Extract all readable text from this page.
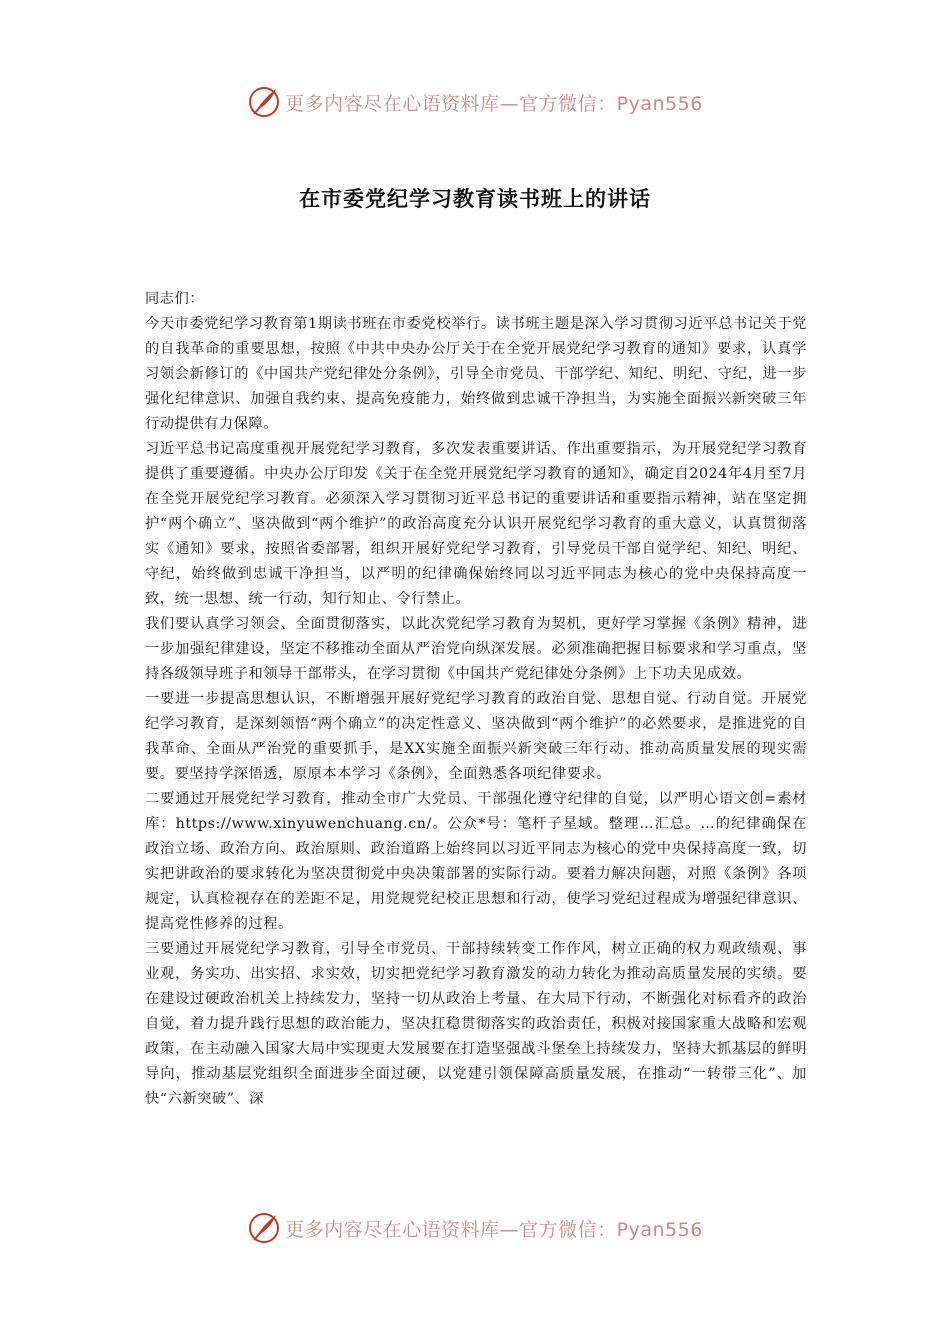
更多内容尽在心语资料库—官方微信：Pyan556
在市委党纪学习教育读书班上的讲话

同志们：

今天市委党纪学习教育第1期读书班在市委党校举行。读书班主题是深入学习贯彻习近平总书记关于党的自我革命的重要思想，按照《中共中央办公厅关于在全党开展党纪学习教育的通知》要求，认真学习领会新修订的《中国共产党纪律处分条例》，引导全市党员、干部学纪、知纪、明纪、守纪，进一步强化纪律意识、加强自我约束、提高免疫能力，始终做到忠诚干净担当，为实施全面振兴新突破三年行动提供有力保障。

习近平总书记高度重视开展党纪学习教育，多次发表重要讲话、作出重要指示，为开展党纪学习教育提供了重要遵循。中央办公厅印发《关于在全党开展党纪学习教育的通知》，确定自2024年4月至7月在全党开展党纪学习教育。必须深入学习贯彻习近平总书记的重要讲话和重要指示精神，站在坚定拥护“两个确立”、坚决做到“两个维护”的政治高度充分认识开展党纪学习教育的重大意义，认真贯彻落实《通知》要求，按照省委部署，组织开展好党纪学习教育，引导党员干部自觉学纪、知纪、明纪、守纪，始终做到忠诚干净担当，以严明的纪律确保始终同以习近平同志为核心的党中央保持高度一致，统一思想、统一行动，知行知止、令行禁止。

我们要认真学习领会、全面贯彻落实，以此次党纪学习教育为契机，更好学习掌握《条例》精神，进一步加强纪律建设，坚定不移推动全面从严治党向纵深发展。必须准确把握目标要求和学习重点，坚持各级领导班子和领导干部带头，在学习贯彻《中国共产党纪律处分条例》上下功夫见成效。

一要进一步提高思想认识，不断增强开展好党纪学习教育的政治自觉、思想自觉、行动自觉。开展党纪学习教育，是深刻领悟“两个确立”的决定性意义、坚决做到“两个维护”的必然要求，是推进党的自我革命、全面从严治党的重要抓手，是XX实施全面振兴新突破三年行动、推动高质量发展的现实需要。要坚持学深悟透，原原本本学习《条例》，全面熟悉各项纪律要求。

二要通过开展党纪学习教育，推动全市广大党员、干部强化遵守纪律的自觉，以严明心语文创=素材库：https://www.xinyuwenchuang.cn/。公众*号：笔杆子星域。整理…汇总。…的纪律确保在政治立场、政治方向、政治原则、政治道路上始终同以习近平同志为核心的党中央保持高度一致，切实把讲政治的要求转化为坚决贯彻党中央决策部署的实际行动。要着力解决问题，对照《条例》各项规定，认真检视存在的差距不足，用党规党纪校正思想和行动，使学习党纪过程成为增强纪律意识、提高党性修养的过程。

三要通过开展党纪学习教育，引导全市党员、干部持续转变工作作风，树立正确的权力观政绩观、事业观，务实功、出实招、求实效，切实把党纪学习教育激发的动力转化为推动高质量发展的实绩。要在建设过硬政治机关上持续发力，坚持一切从政治上考量、在大局下行动，不断强化对标看齐的政治自觉，着力提升践行思想的政治能力，坚决扛稳贯彻落实的政治责任，积极对接国家重大战略和宏观政策，在主动融入国家大局中实现更大发展要在打造坚强战斗堡垒上持续发力，坚持大抓基层的鲜明导向，推动基层党组织全面进步全面过硬，以党建引领保障高质量发展，在推动“一转带三化”、加快“六新突破”、深

更多内容尽在心语资料库—官方微信：Pyan556
